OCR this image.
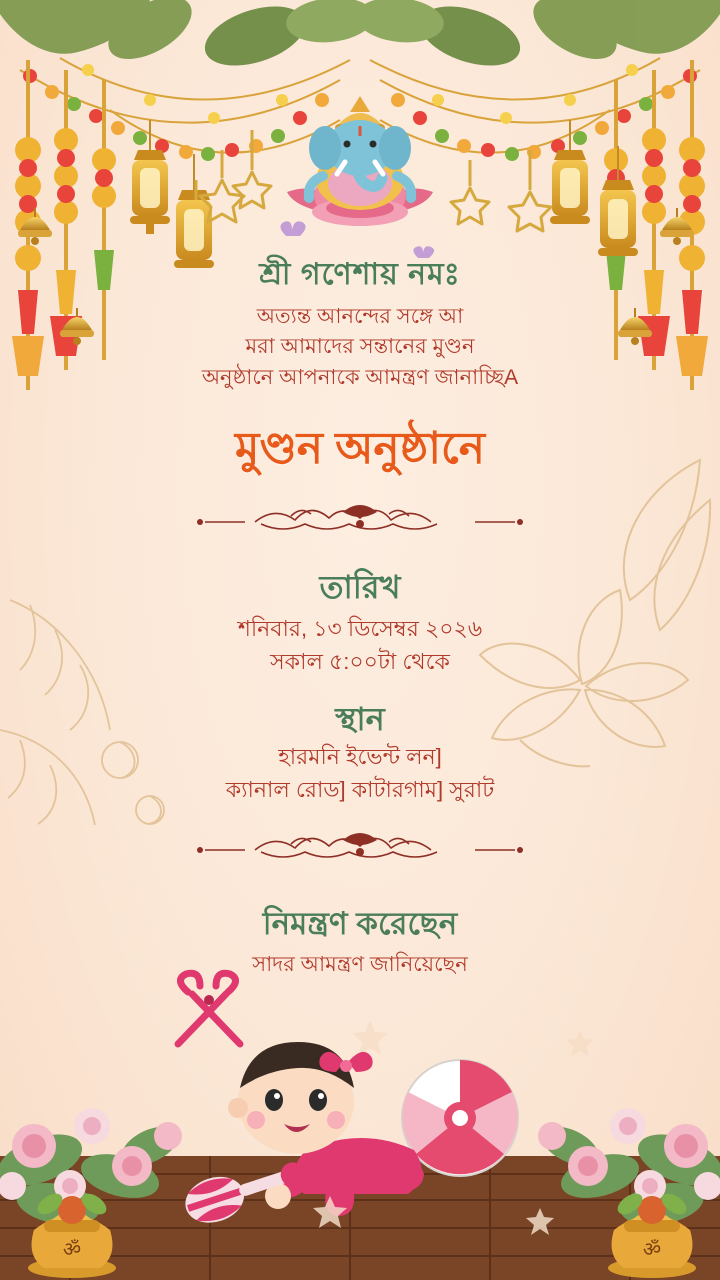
শ্রী গণেশায় নমঃ
অত্যন্ত আনন্দের সঙ্গে আ
মরা আমাদের সন্তানের মুণ্ডন
অনুষ্ঠানে আপনাকে আমন্ত্রণ জানাচ্ছিA
মুণ্ডন অনুষ্ঠানে
তারিখ
শনিবার, ১৩ ডিসেম্বর ২০২৬
সকাল ৫:০০টা থেকে
স্থান
হারমনি ইভেন্ট লন]
ক্যানাল রোড] কাটারগাম] সুরাট
নিমন্ত্রণ করেছেন
সাদর আমন্ত্রণ জানিয়েছেন
ॐ	ॐ
